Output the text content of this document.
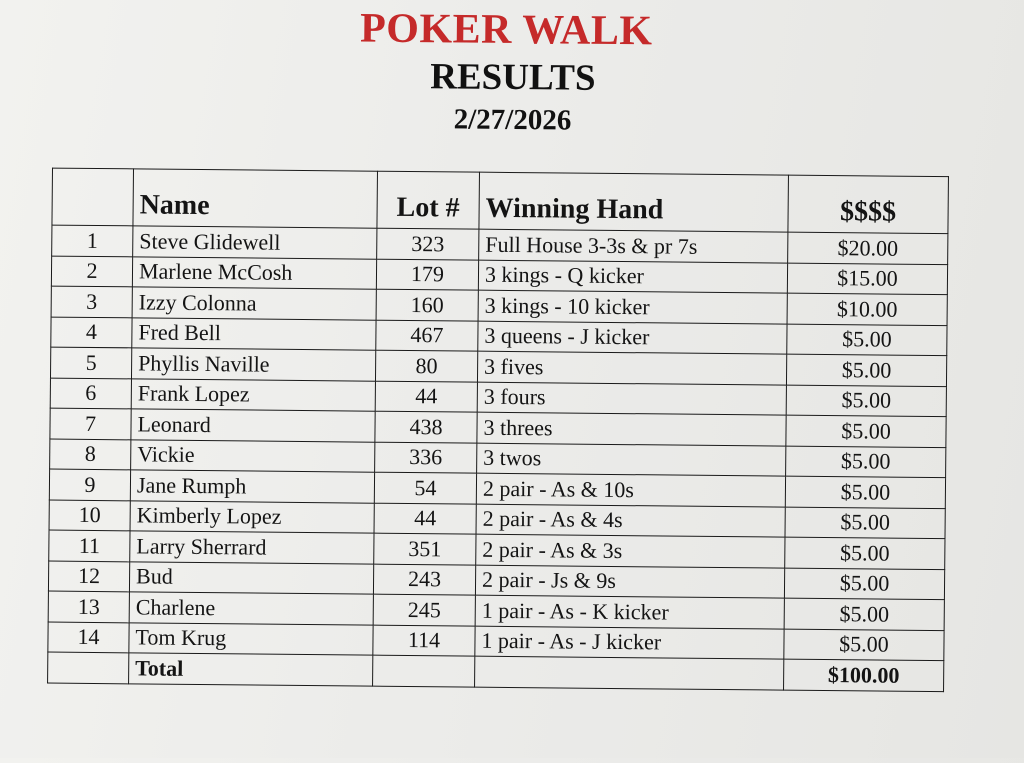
POKER WALK
RESULTS
2/27/2026
	Name	Lot #	Winning Hand	$$$$
1	Steve Glidewell	323	Full House 3-3s & pr 7s	$20.00
2	Marlene McCosh	179	3 kings - Q kicker	$15.00
3	Izzy Colonna	160	3 kings - 10 kicker	$10.00
4	Fred Bell	467	3 queens - J kicker	$5.00
5	Phyllis Naville	80	3 fives	$5.00
6	Frank Lopez	44	3 fours	$5.00
7	Leonard	438	3 threes	$5.00
8	Vickie	336	3 twos	$5.00
9	Jane Rumph	54	2 pair - As & 10s	$5.00
10	Kimberly Lopez	44	2 pair - As & 4s	$5.00
11	Larry Sherrard	351	2 pair - As & 3s	$5.00
12	Bud	243	2 pair - Js & 9s	$5.00
13	Charlene	245	1 pair - As - K kicker	$5.00
14	Tom Krug	114	1 pair - As - J kicker	$5.00
	Total			$100.00
